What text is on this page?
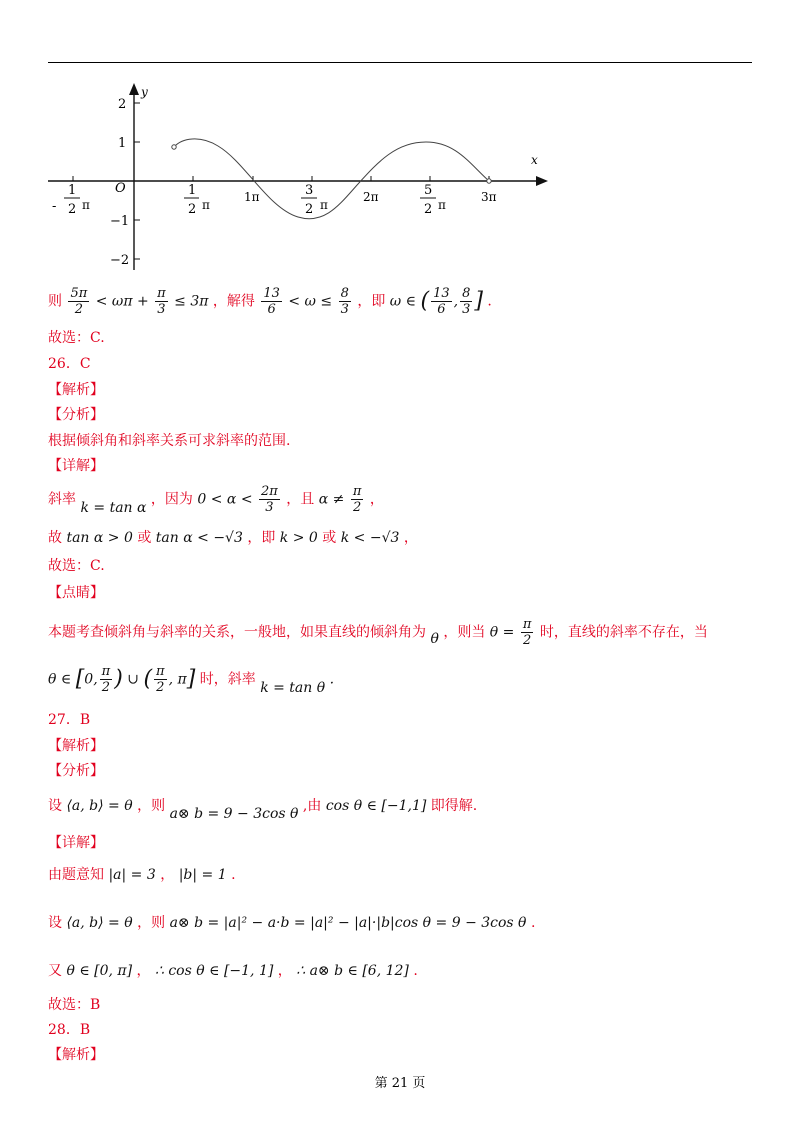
y
x
O
2
1
−1
−2
1
- 2 π
1
2 π
1π	3
2 π
2π	5
2 π
3π
则 $\frac{5\pi}{2} < \omega\pi + \frac{\pi}{3} \le 3\pi$ ，解得 $\frac{13}{6} < \omega \le \frac{8}{3}$ ，即 ω ∈ ( $\frac{13}{6}$ , $\frac{8}{3}$ ] .
故选：C.
26．C
【解析】
【分析】
根据倾斜角和斜率关系可求斜率的范围.
【详解】
斜率 k = tan α ，因为 $0 < \alpha < \frac{2\pi}{3}$ ，且 $\alpha \ne \frac{\pi}{2}$ ，
故 tan α > 0 或 tan α < −√3 ，即 k > 0 或 k < −√3 ，
故选：C.
【点睛】
本题考查倾斜角与斜率的关系，一般地，如果直线的倾斜角为 θ ，则当 $\theta = \frac{\pi}{2}$ 时，直线的斜率不存在，当
θ ∈ [0, $\frac{\pi}{2}$ ) ∪ ( $\frac{\pi}{2}$ , π] 时，斜率 k = tan θ .
27．B
【解析】
【分析】
设 ⟨a, b⟩ = θ ，则 a⊗ b = 9 − 3cos θ ,由 cos θ ∈ [−1,1] 即得解.
【详解】
由题意知 |a| = 3 ， |b| = 1 .
设 ⟨a, b⟩ = θ ，则 a⊗ b = |a|² − a·b = |a|² − |a|·|b|cos θ = 9 − 3cos θ .
又 θ ∈ [0, π] ， ∴ cos θ ∈ [−1, 1] ， ∴ a⊗ b ∈ [6, 12] .
故选：B
28．B
【解析】
第 21 页
